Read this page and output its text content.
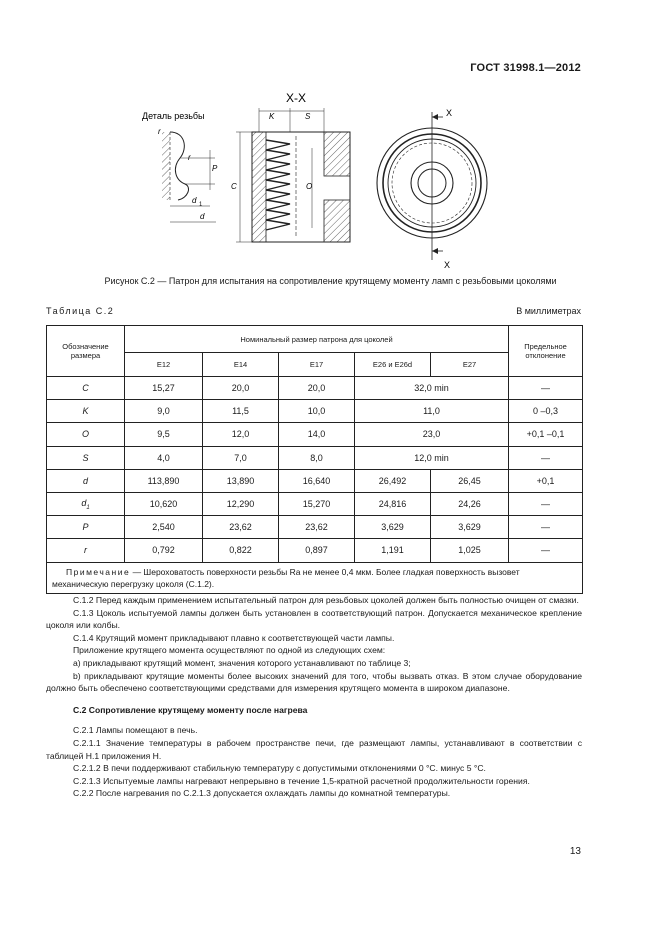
ГОСТ 31998.1—2012
Деталь резьбы
P
r
r
d 1
d
X-X
K	S
O
C
X
X
Рисунок С.2 — Патрон для испытания на сопротивление крутящему моменту ламп с резьбовыми цоколями
Таблица С.2	В миллиметрах
Обозначение размера	Номинальный размер патрона для цоколей					Предельное отклонение
	E12	E14	E17	E26 и E26d	E27	
C	15,27	20,0	20,0	32,0 min		—
K	9,0	11,5	10,0	11,0		0 –0,3
O	9,5	12,0	14,0	23,0		+0,1 –0,1
S	4,0	7,0	8,0	12,0 min		—
d	113,890	13,890	16,640	26,492	26,45	+0,1
$d_1$	10,620	12,290	15,270	24,816	24,26	—
P	2,540	23,62	23,62	3,629	3,629	—
r	0,792	0,822	0,897	1,191	1,025	—
Примечание — Шероховатость поверхности резьбы Ra не менее 0,4 мкм. Более гладкая поверхность вызовет механическую перегрузку цоколя (С.1.2).						

С.1.2 Перед каждым применением испытательный патрон для резьбовых цоколей должен быть полностью очищен от смазки.

С.1.3 Цоколь испытуемой лампы должен быть установлен в соответствующий патрон. Допускается механическое крепление цоколя или колбы.

С.1.4 Крутящий момент прикладывают плавно к соответствующей части лампы.

Приложение крутящего момента осуществляют по одной из следующих схем:

а) прикладывают крутящий момент, значения которого устанавливают по таблице 3;

b) прикладывают крутящие моменты более высоких значений для того, чтобы вызвать отказ. В этом случае оборудование должно быть обеспечено соответствующими средствами для измерения крутящего момента в широком диапазоне.

С.2 Сопротивление крутящему моменту после нагрева

С.2.1 Лампы помещают в печь.

С.2.1.1 Значение температуры в рабочем пространстве печи, где размещают лампы, устанавливают в соответствии с таблицей Н.1 приложения Н.

С.2.1.2 В печи поддерживают стабильную температуру с допустимыми отклонениями 0 °С. минус 5 °С.

С.2.1.3 Испытуемые лампы нагревают непрерывно в течение 1,5-кратной расчетной продолжительности горения.

С.2.2 После нагревания по С.2.1.3 допускается охлаждать лампы до комнатной температуры.

13
